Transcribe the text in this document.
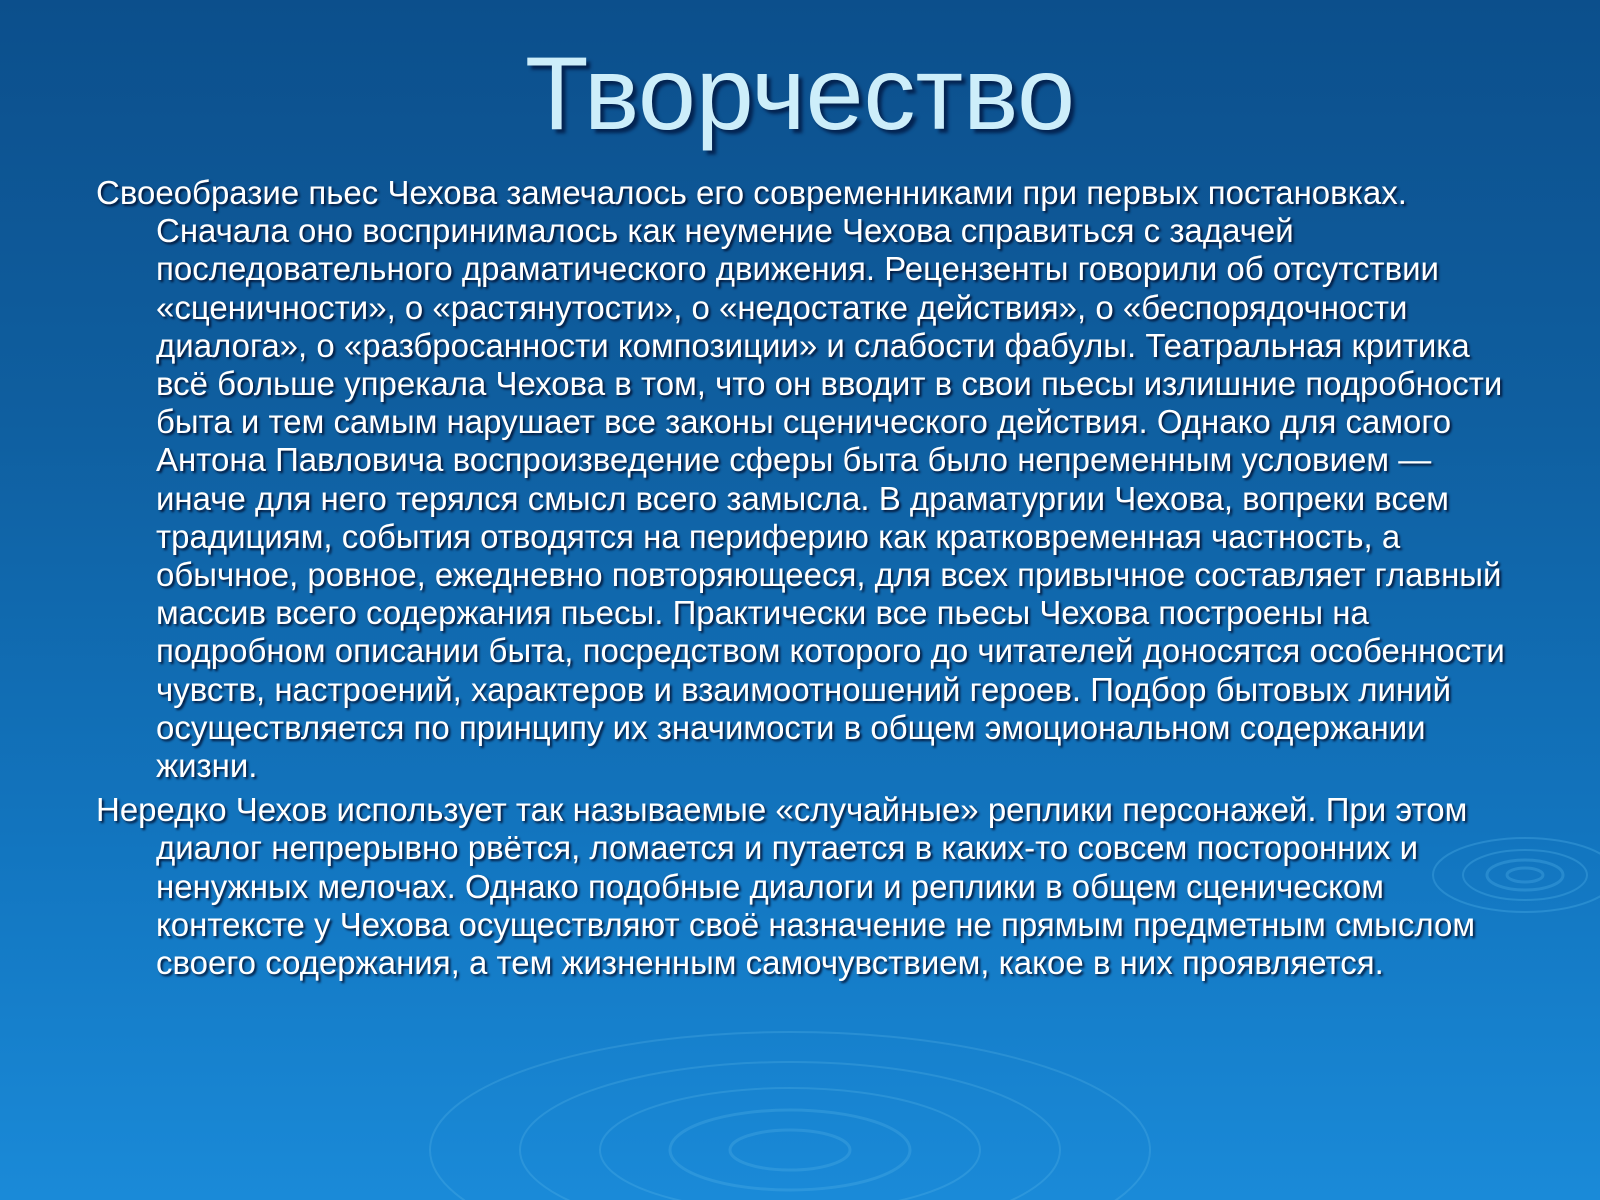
Творчество

Своеобразие пьес Чехова замечалось его современниками при первых постановках. Сначала оно воспринималось как неумение Чехова справиться с задачей последовательного драматического движения. Рецензенты говорили об отсутствии «сценичности», о «растянутости», о «недостатке действия», о «беспорядочности диалога», о «разбросанности композиции» и слабости фабулы. Театральная критика всё больше упрекала Чехова в том, что он вводит в свои пьесы излишние подробности быта и тем самым нарушает все законы сценического действия. Однако для самого Антона Павловича воспроизведение сферы быта было непременным условием — иначе для него терялся смысл всего замысла. В драматургии Чехова, вопреки всем традициям, события отводятся на периферию как кратковременная частность, а обычное, ровное, ежедневно повторяющееся, для всех привычное составляет главный массив всего содержания пьесы. Практически все пьесы Чехова построены на подробном описании быта, посредством которого до читателей доносятся особенности чувств, настроений, характеров и взаимоотношений героев. Подбор бытовых линий осуществляется по принципу их значимости в общем эмоциональном содержании жизни.

Нередко Чехов использует так называемые «случайные» реплики персонажей. При этом диалог непрерывно рвётся, ломается и путается в каких-то совсем посторонних и ненужных мелочах. Однако подобные диалоги и реплики в общем сценическом контексте у Чехова осуществляют своё назначение не прямым предметным смыслом своего содержания, а тем жизненным самочувствием, какое в них проявляется.
